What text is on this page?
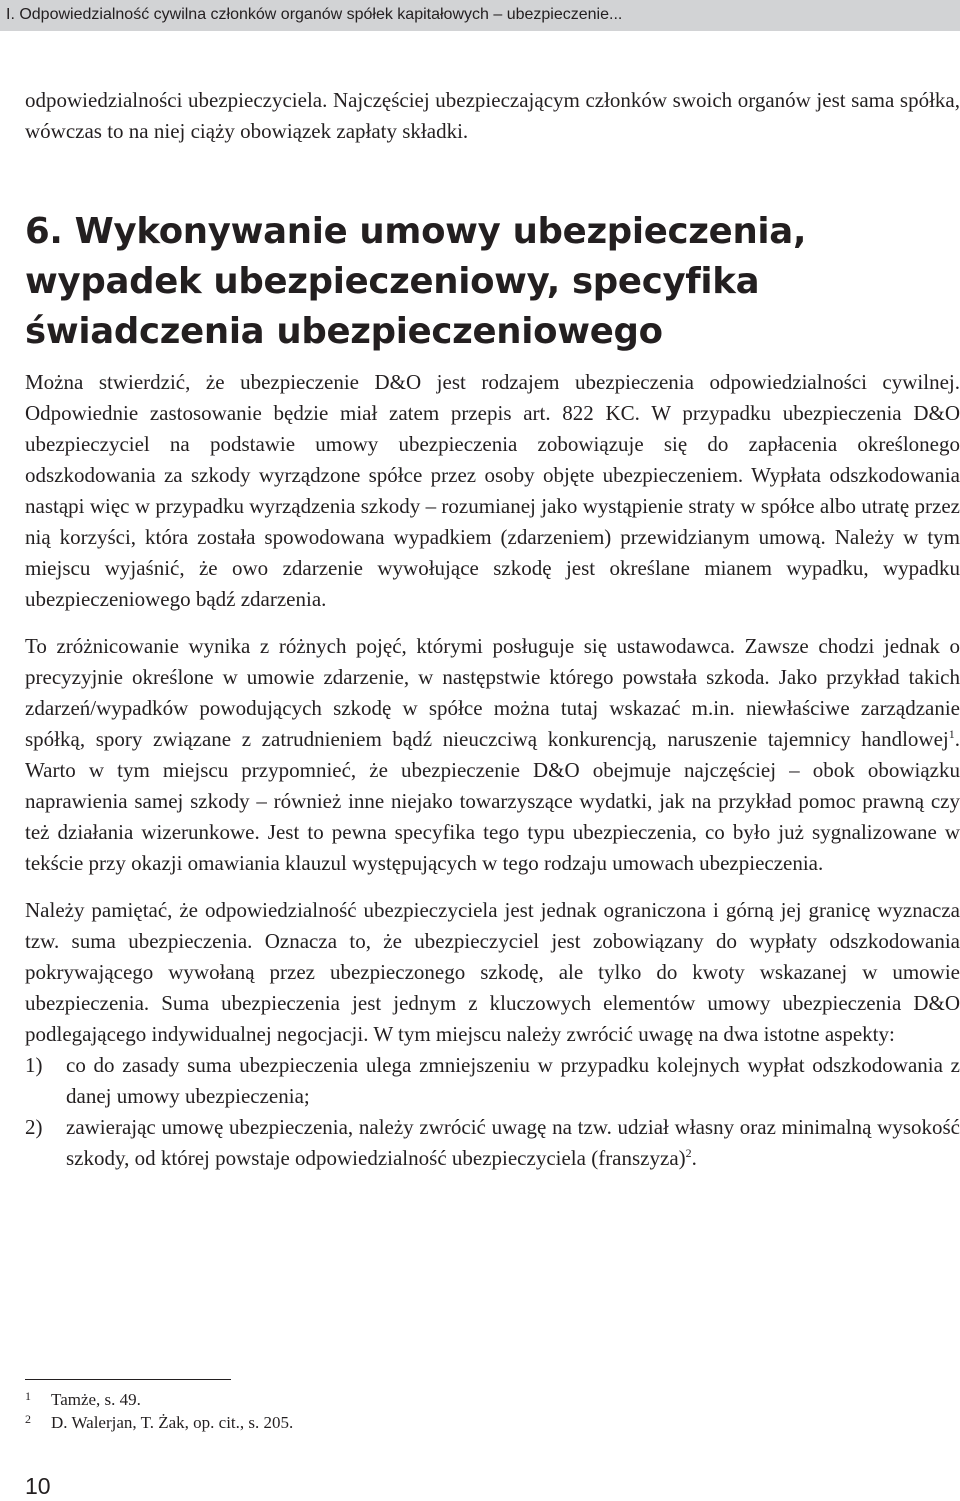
I. Odpowiedzialność cywilna członków organów spółek kapitałowych – ubezpieczenie...

odpowiedzialności ubezpieczyciela. Najczęściej ubezpieczającym członków swoich organów jest sama spółka, wówczas to na niej ciąży obowiązek zapłaty składki.

6. Wykonywanie umowy ubezpieczenia, wypadek ubezpieczeniowy, specyfika świadczenia ubezpieczeniowego

Można stwierdzić, że ubezpieczenie D&O jest rodzajem ubezpieczenia odpowiedzialności cywilnej. Odpowiednie zastosowanie będzie miał zatem przepis art. 822 KC. W przypadku ubezpieczenia D&O ubezpieczyciel na podstawie umowy ubezpieczenia zobowiązuje się do zapłacenia określonego odszkodowania za szkody wyrządzone spółce przez osoby objęte ubezpieczeniem. Wypłata odszkodowania nastąpi więc w przypadku wyrządzenia szkody – rozumianej jako wystąpienie straty w spółce albo utratę przez nią korzyści, która została spowodowana wypadkiem (zdarzeniem) przewidzianym umową. Należy w tym miejscu wyjaśnić, że owo zdarzenie wywołujące szkodę jest określane mianem wypadku, wypadku ubezpieczeniowego bądź zdarzenia.

To zróżnicowanie wynika z różnych pojęć, którymi posługuje się ustawodawca. Zawsze chodzi jednak o precyzyjnie określone w umowie zdarzenie, w następstwie którego powstała szkoda. Jako przykład takich zdarzeń/wypadków powodujących szkodę w spółce można tutaj wskazać m.in. niewłaściwe zarządzanie spółką, spory związane z zatrudnieniem bądź nieuczciwą konkurencją, naruszenie tajemnicy handlowej$^1$. Warto w tym miejscu przypomnieć, że ubezpieczenie D&O obejmuje najczęściej – obok obowiązku naprawienia samej szkody – również inne niejako towarzyszące wydatki, jak na przykład pomoc prawną czy też działania wizerunkowe. Jest to pewna specyfika tego typu ubezpieczenia, co było już sygnalizowane w tekście przy okazji omawiania klauzul występujących w tego rodzaju umowach ubezpieczenia.

Należy pamiętać, że odpowiedzialność ubezpieczyciela jest jednak ograniczona i górną jej granicę wyznacza tzw. suma ubezpieczenia. Oznacza to, że ubezpieczyciel jest zobowiązany do wypłaty odszkodowania pokrywającego wywołaną przez ubezpieczonego szkodę, ale tylko do kwoty wskazanej w umowie ubezpieczenia. Suma ubezpieczenia jest jednym z kluczowych elementów umowy ubezpieczenia D&O podlegającego indywidualnej negocjacji. W tym miejscu należy zwrócić uwagę na dwa istotne aspekty:

1) co do zasady suma ubezpieczenia ulega zmniejszeniu w przypadku kolejnych wypłat odszkodowania z danej umowy ubezpieczenia;
2) zawierając umowę ubezpieczenia, należy zwrócić uwagę na tzw. udział własny oraz minimalną wysokość szkody, od której powstaje odpowiedzialność ubezpieczyciela (franszyza)$^2$.
1 Tamże, s. 49.
2 D. Walerjan, T. Żak, op. cit., s. 205.
10
